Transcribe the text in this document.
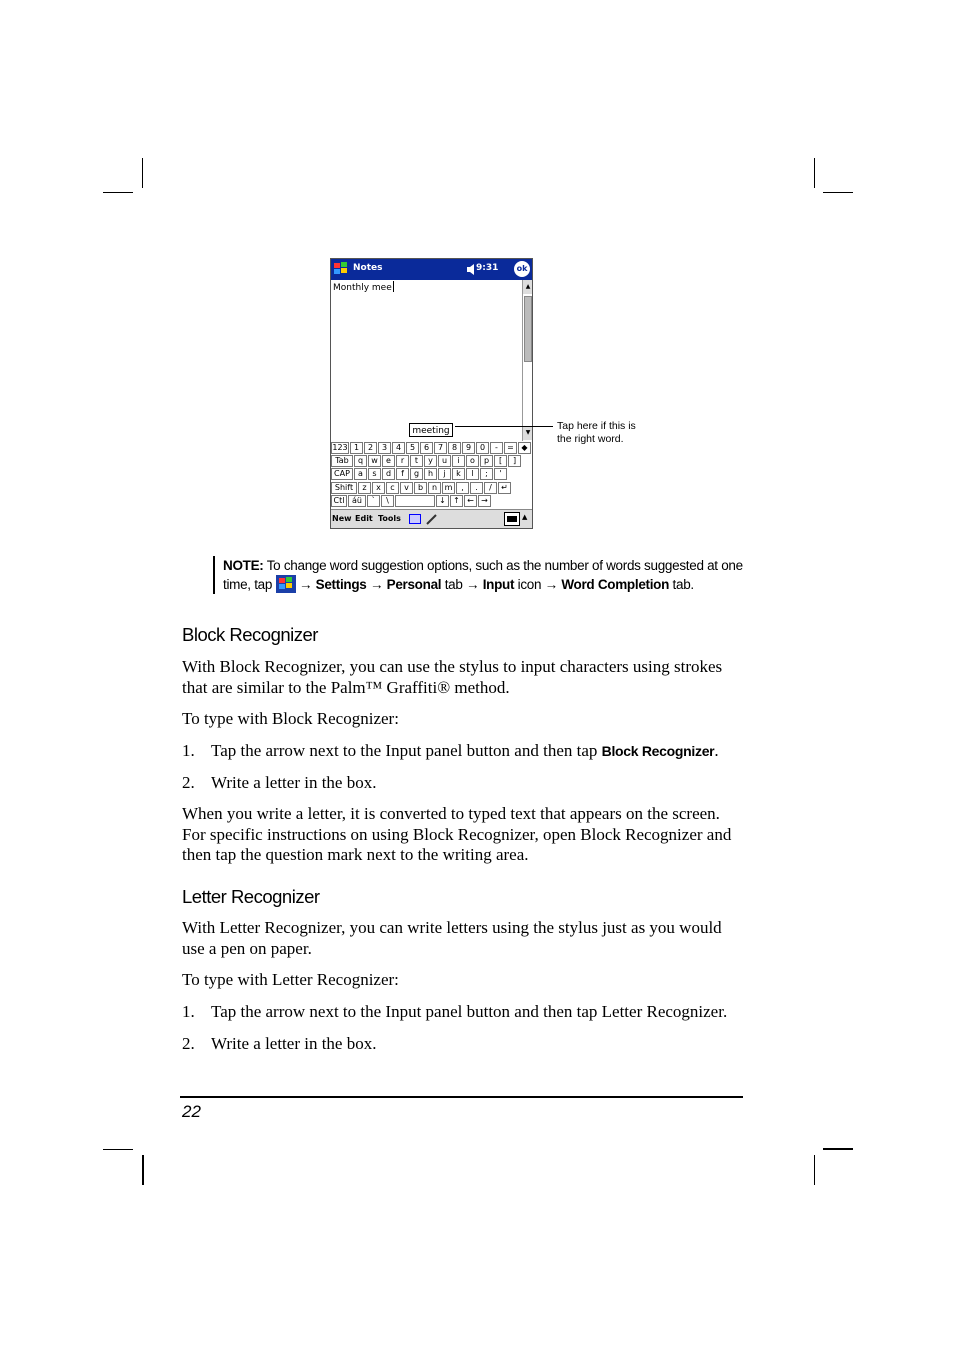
Notes	9:31	ok
Monthly mee	▲
▼
meeting
123 1	2	3	4	5	6	7	8	9	0	-	= ◆
Tab	q	w	e	r	t	y	u	i	o	p	[	]
CAP	a	s	d	f	g	h	j	k	l	;	'
Shift	z	x	c	v	b	n m	,	.	/	↵
Ctl áü	`	\	↓ ↑ ← →
New Edit Tools	▲
Tap here if this is
the right word.
NOTE: To change word suggestion options, such as the number of words suggested at one time, tap → Settings → Personal tab → Input icon → Word Completion tab.
Block Recognizer

With Block Recognizer, you can use the stylus to input characters using strokes that are similar to the Palm™ Graffiti® method.

To type with Block Recognizer:

1. Tap the arrow next to the Input panel button and then tap Block Recognizer.
2. Write a letter in the box.

When you write a letter, it is converted to typed text that appears on the screen. For specific instructions on using Block Recognizer, open Block Recognizer and then tap the question mark next to the writing area.

Letter Recognizer

With Letter Recognizer, you can write letters using the stylus just as you would use a pen on paper.

To type with Letter Recognizer:

1. Tap the arrow next to the Input panel button and then tap Letter Recognizer.
2. Write a letter in the box.
22
